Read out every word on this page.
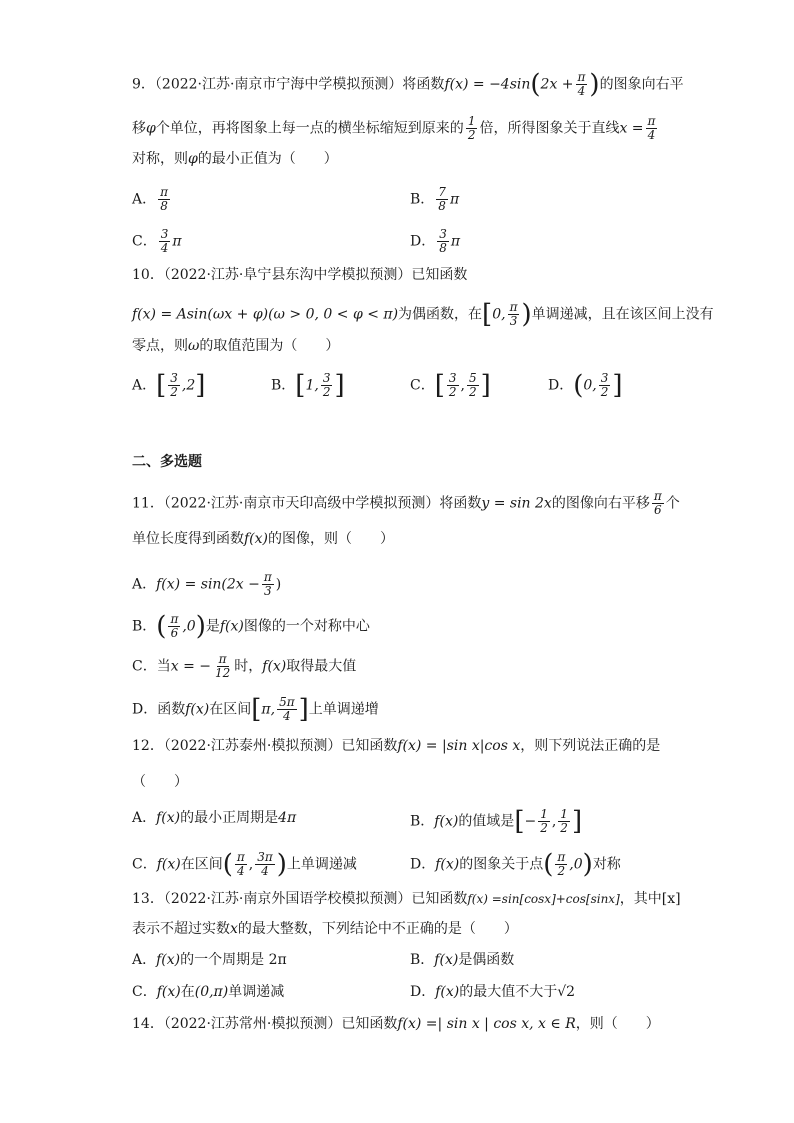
9．（2022·江苏·南京市宁海中学模拟预测）将函数$f(x) = -4\sin(2x + \frac{\pi}{4}$ )的图象向右平
移φ个单位，再将图象上每一点的横坐标缩短到原来的 $\frac{1}{2}$ 倍，所得图象关于直线$x = \frac{\pi}{4}$
对称，则φ的最小正值为（　　）
A． $\frac{\pi}{8}$	B． $\frac{7}{8}$ π
C． $\frac{3}{4}$ π	D． $\frac{3}{8}$ π
10．（2022·江苏·阜宁县东沟中学模拟预测）已知函数
f(x) = Asin(ωx + φ)(ω > 0, 0 < φ < π)为偶函数，在[0, $\frac{\pi}{3}$ )单调递减，且在该区间上没有
零点，则ω的取值范围为（　　）
A．[ $\frac{3}{2} ,2$]	B．[1, $\frac{3}{2}$ ]	C．[ $\frac{3}{2}$ , $\frac{5}{2}$ ]	D．(0, $\frac{3}{2}$ ]
二、多选题
11．（2022·江苏·南京市天印高级中学模拟预测）将函数y = sin 2x的图像向右平移 $\frac{\pi}{6}$ 个
单位长度得到函数f(x)的图像，则（　　）
A．$f(x) = \sin(2x - \frac{\pi}{3}$ )
B．( $\frac{\pi}{6} ,0$)是f(x)图像的一个对称中心
C．当x = − $\frac{\pi}{12}$ 时，f(x)取得最大值
D．函数f(x)在区间[π, $\frac{5\pi}{4}$ ]上单调递增
12．（2022·江苏泰州·模拟预测）已知函数f(x) = |sin x|cos x，则下列说法正确的是
（　　）
A．f(x)的最小正周期是4π	B．f(x)的值域是[− $\frac{1}{2}$ , $\frac{1}{2}$ ]
C．f(x)在区间( $\frac{\pi}{4}$ , $\frac{3\pi}{4}$ )上单调递减	D．f(x)的图象关于点( $\frac{\pi}{2} ,0$)对称
13．（2022·江苏·南京外国语学校模拟预测）已知函数f(x) =sin[cosx]+cos[sinx]，其中[x]
表示不超过实数x的最大整数，下列结论中不正确的是（　　）
A．f(x)的一个周期是 2π	B．f(x)是偶函数
C．f(x)在(0,π)单调递减	D．f(x)的最大值不大于√2
14．（2022·江苏常州·模拟预测）已知函数f(x) =| sin x | cos x, x ∈ R，则（　　）
